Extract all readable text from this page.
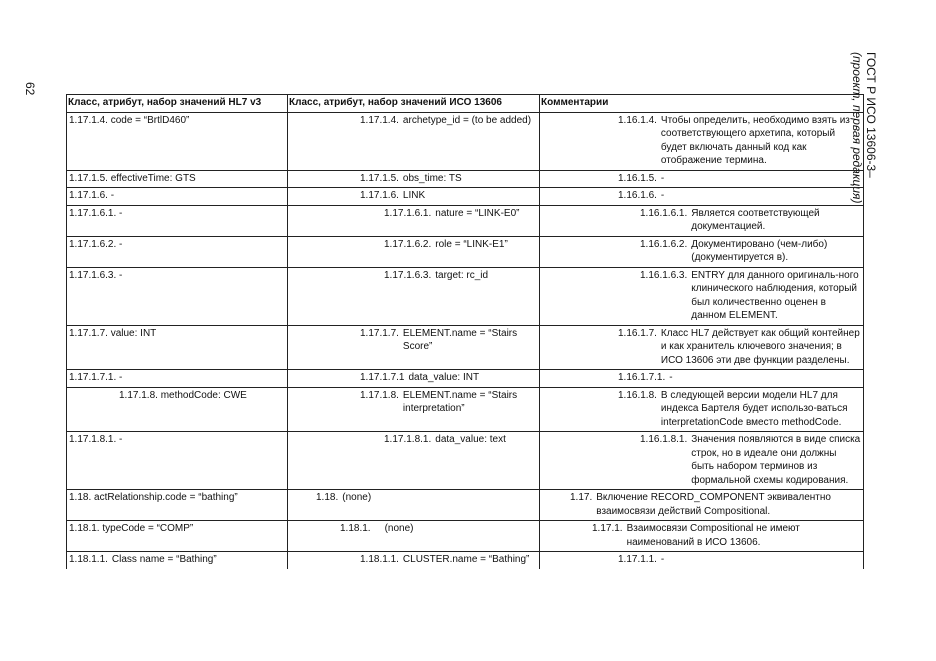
62	ГОСТ Р ИСО 13606-3–
(проект, первая редакция)
Класс, атрибут, набор значений HL7 v3	Класс, атрибут, набор значений ИСО 13606	Комментарии
1.17.1.4. code = “BrtlD460”	1.17.1.4. archetype_id = (to be added)	1.16.1.4. Чтобы определить, необходимо взять из соответствующего архетипа, который будет включать данный код как отображение термина.

1.17.1.5. effectiveTime: GTS	1.17.1.5. obs_time: TS	1.16.1.5. -

1.17.1.6. -	1.17.1.6. LINK	1.16.1.6. -

1.17.1.6.1. -	1.17.1.6.1. nature = “LINK-E0”	1.16.1.6.1. Является соответствующей документацией.

1.17.1.6.2. -	1.17.1.6.2. role = “LINK-E1”	1.16.1.6.2. Документировано (чем-либо) (документируется в).

1.17.1.6.3. -	1.17.1.6.3. target: rc_id	1.16.1.6.3. ENTRY для данного оригиналь-ного клинического наблюдения, который был количественно оценен в данном ELEMENT.

1.17.1.7. value: INT	1.17.1.7. ELEMENT.name = “Stairs Score”	1.16.1.7. Класс HL7 действует как общий контейнер и как хранитель ключевого значения; в ИСО 13606 эти две функции разделены.

1.17.1.7.1. -	1.17.1.7.1 data_value: INT	1.16.1.7.1. -

1.17.1.8. methodCode: CWE	1.17.1.8. ELEMENT.name = “Stairs interpretation”	1.16.1.8. В следующей версии модели HL7 для индекса Бартеля будет использо-ваться interpretationCode вместо methodCode.

1.17.1.8.1. -	1.17.1.8.1. data_value: text	1.16.1.8.1. Значения появляются в виде списка строк, но в идеале они должны быть набором терминов из формальной схемы кодирования.

1.18. actRelationship.code = “bathing”	1.18. (none)	1.17. Включение RECORD_COMPONENT эквивалентно взаимосвязи действий Compositional.

1.18.1. typeCode = “COMP”	1.18.1. (none)	1.17.1. Взаимосвязи Compositional не имеют наименований в ИСО 13606.

1.18.1.1. Class name = “Bathing”	1.18.1.1. CLUSTER.name = “Bathing”	1.17.1.1. -
